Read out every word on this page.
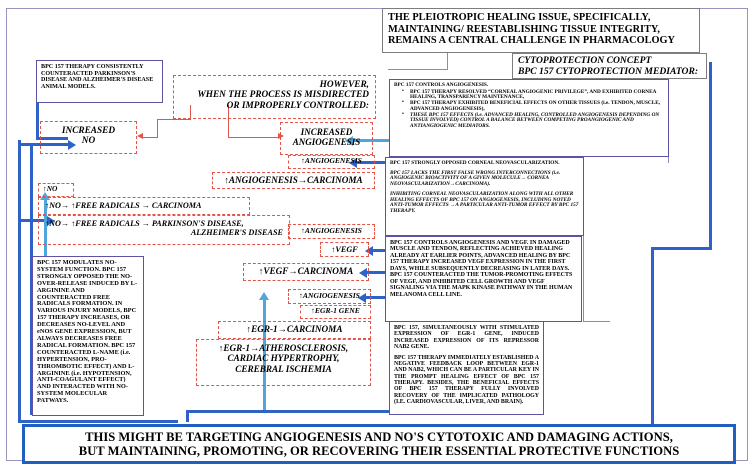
THE PLEIOTROPIC HEALING ISSUE, SPECIFICALLY,
MAINTAINING/ REESTABLISHING TISSUE INTEGRITY,
REMAINS A CENTRAL CHALLENGE IN PHARMACOLOGY
CYTOPROTECTION CONCEPT
BPC 157 CYTOPROTECTION MEDIATOR:
BPC 157 THERAPY CONSISTENTLY COUNTERACTED PARKINSON'S DISEASE AND ALZHEIMER'S DISEASE ANIMAL MODELS.
INCREASED
NO
↑NO
↑NO→ ↑FREE RADICALS → CARCINOMA
↑NO→ ↑FREE RADICALS → PARKINSON'S DISEASE,
ALZHEIMER'S DISEASE
BPC 157 MODULATES NO-SYSTEM FUNCTION. BPC 157 STRONGLY OPPOSED THE NO-OVER-RELEASE INDUCED BY L-ARGININE AND COUNTERACTED FREE RADICALS FORMATION. IN VARIOUS INJURY MODELS, BPC 157 THERAPY INCREASES, OR DECREASES NO-LEVEL AND eNOS GENE EXPRESSION, BUT ALWAYS DECREASES FREE RADICAL FORMATION. BPC 157 COUNTERACTED L-NAME (i.e. HYPERTENSION, PRO-THROMBOTIC EFFECT) AND L-ARGININE (i.e. HYPOTENSION, ANTI-COAGULANT EFFECT) AND INTERACTED WITH NO-SYSTEM MOLECULAR PATWAYS.
HOWEVER,
WHEN THE PROCESS IS MISDIRECTED
OR IMPROPERLY CONTROLLED:
INCREASED
ANGIOGENESIS
↑ANGIOGENESIS
↑ANGIOGENESIS→CARCINOMA
↑ANGIOGENESIS
↑VEGF
↑VEGF→CARCINOMA
↑ANGIOGENESIS
↑EGR-1 GENE
↑EGR-1→CARCINOMA
↑EGR-1→ATHEROSCLEROSIS,
CARDIAC HYPERTROPHY,
CEREBRAL ISCHEMIA
BPC 157 CONTROLS ANGIOGENESIS.
• BPC 157 THERAPY RESOLVED “CORNEAL ANGIOGENIC PRIVILEGE”, AND EXHIBITED CORNEA HEALING, TRANSPARENCY MAINTENANCE,
• BPC 157 THERAPY EXHIBITED BENEFICIAL EFFECTS ON OTHER TISSUES (i.e. TENDON, MUSCLE, ADVANCED ANGIOGENESIS),
• THESE BPC 157 EFFECTS (i.e. ADVANCED HEALING, CONTROLLED ANGIOGENESIS DEPENDING ON TISSUE INVOLVED) CONTROL A BALANCE BETWEEN COMPETING PROANGIOGENIC AND ANTIANGIOGENIC MEDIATORS.
BPC 157 STRONGLY OPPOSED CORNEAL NEOVASCULARIZATION.
BPC 157 LACKS THE FIRST FALSE WRONG INTERCONNECTIONS (i.e. ANGIOGENIC BIOACTIVITY OF A GIVEN MOLECULE→ CORNEA NEOVASCULARIZATION→CARCINOMA).
INHIBITING CORNEAL NEOVASCULARIZATION ALONG WITH ALL OTHER HEALING EFFECTS OF BPC 157 ON ANGIOGENESIS, INCLUDING NOTED
ANTI-TUMOR EFFECTS →A PARTICULAR ANTI-TUMOR EFFECT BY BPC 157 THERAPY.
BPC 157 CONTROLS ANGIOGENESIS AND VEGF. IN DAMAGED MUSCLE AND TENDON, REFLECTING ACHIEVED HEALING ALREADY AT EARLIER POINTS, ADVANCED HEALING BY BPC 157 THERAPY INCREASED VEGF EXPRESSION IN THE FIRST DAYS, WHILE SUBSEQUENTLY DECREASING IN LATER DAYS. BPC 157 COUNTERACTED THE TUMOR-PROMOTING EFFECTS OF VEGF, AND INHIBITED CELL GROWTH AND VEGF SIGNALING VIA THE MAPK KINASE PATHWAY IN THE HUMAN MELANOMA CELL LINE.
BPC 157, SIMULTANEOUSLY WITH STIMULATED EXPRESSION OF EGR-1 GENE, INDUCED INCREASED EXPRESSION OF ITS REPRESSOR NAB2 GENE.
BPC 157 THERAPY IMMEDIATELY ESTABLISHED A NEGATIVE FEEDBACK LOOP BETWEEN EGR-1 AND NAB2, WHICH CAN BE A PARTICULAR KEY IN THE PROMPT HEALING EFFECT OF BPC 157 THERAPY. BESIDES, THE BENEFICIAL EFFECTS OF BPC 157 THERAPY FULLY INVOLVED RECOVERY OF THE IMPLICATED PATHOLOGY (I.E. CARDIOVASCULAR, LIVER, AND BRAIN).
THIS MIGHT BE TARGETING ANGIOGENESIS AND NO'S CYTOTOXIC AND DAMAGING ACTIONS,
BUT MAINTAINING, PROMOTING, OR RECOVERING THEIR ESSENTIAL PROTECTIVE FUNCTIONS
